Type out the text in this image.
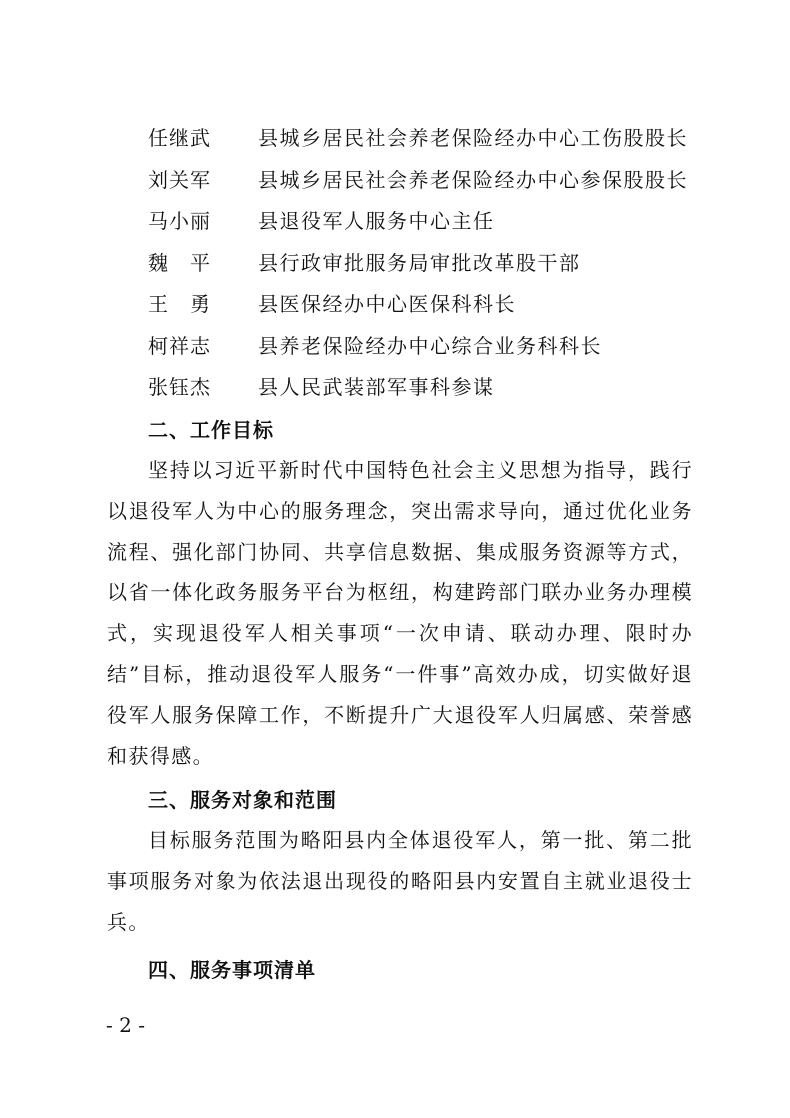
任继武 县城乡居民社会养老保险经办中心工伤股股长
刘关军 县城乡居民社会养老保险经办中心参保股股长
马小丽 县退役军人服务中心主任
魏　平 县行政审批服务局审批改革股干部
王　勇 县医保经办中心医保科科长
柯祥志 县养老保险经办中心综合业务科科长
张钰杰 县人民武装部军事科参谋
二、工作目标

坚持以习近平新时代中国特色社会主义思想为指导，践行以退役军人为中心的服务理念，突出需求导向，通过优化业务流程、强化部门协同、共享信息数据、集成服务资源等方式，以省一体化政务服务平台为枢纽，构建跨部门联办业务办理模式，实现退役军人相关事项“一次申请、联动办理、限时办结”目标，推动退役军人服务“一件事”高效办成，切实做好退役军人服务保障工作，不断提升广大退役军人归属感、荣誉感和获得感。

三、服务对象和范围

目标服务范围为略阳县内全体退役军人，第一批、第二批事项服务对象为依法退出现役的略阳县内安置自主就业退役士兵。

四、服务事项清单
- 2 -
